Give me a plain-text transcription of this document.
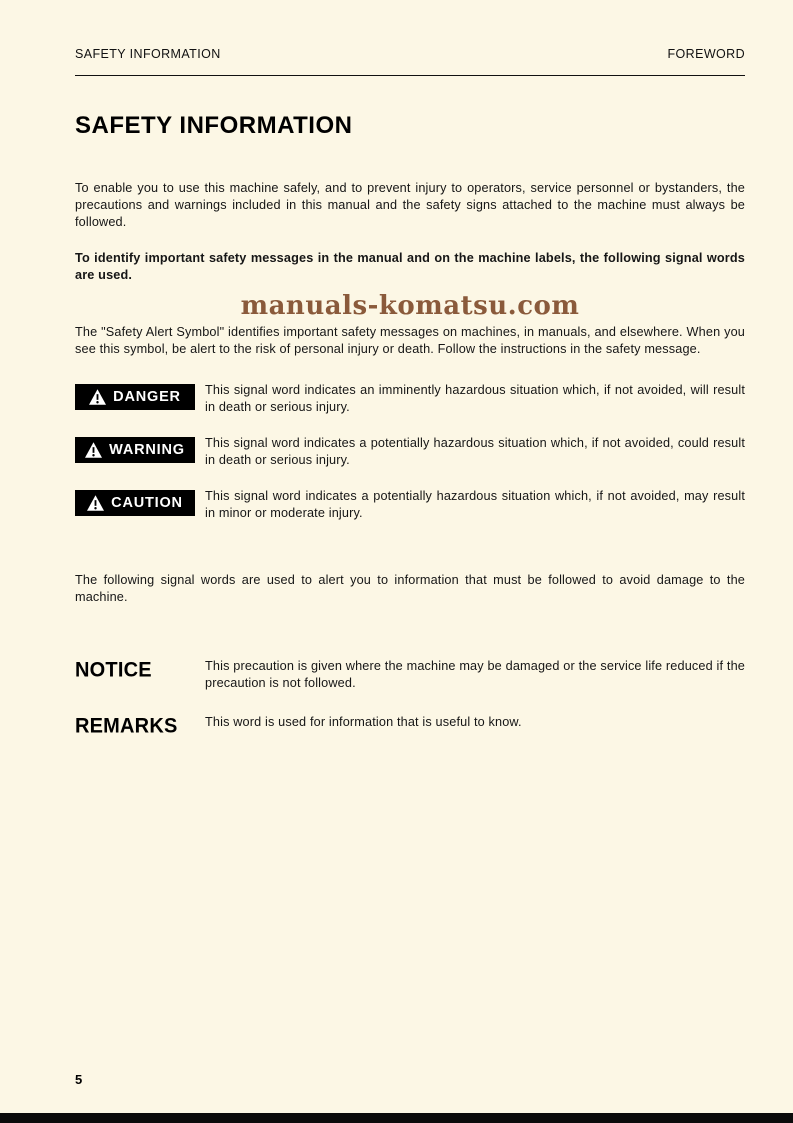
SAFETY INFORMATION	FOREWORD
SAFETY INFORMATION

To enable you to use this machine safely, and to prevent injury to operators, service personnel or bystanders, the precautions and warnings included in this manual and the safety signs attached to the machine must always be followed.

To identify important safety messages in the manual and on the machine labels, the following signal words are used.

manuals-komatsu.com

The "Safety Alert Symbol" identifies important safety messages on machines, in manuals, and elsewhere. When you see this symbol, be alert to the risk of personal injury or death. Follow the instructions in the safety message.

DANGER This signal word indicates an imminently hazardous situation which, if not avoided, will result in death or serious injury.

WARNING This signal word indicates a potentially hazardous situation which, if not avoided, could result in death or serious injury.

CAUTION This signal word indicates a potentially hazardous situation which, if not avoided, may result in minor or moderate injury.

The following signal words are used to alert you to information that must be followed to avoid damage to the machine.

NOTICE	This precaution is given where the machine may be damaged or the service life reduced if the precaution is not followed.

REMARKS	This word is used for information that is useful to know.

5
